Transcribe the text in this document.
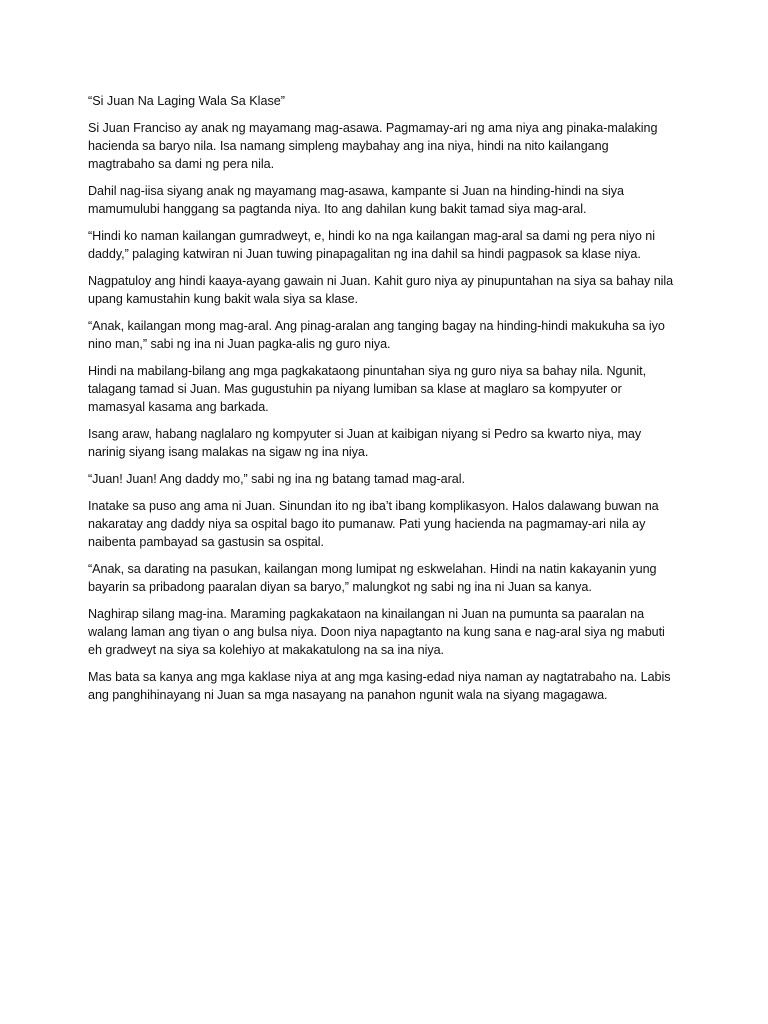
“Si Juan Na Laging Wala Sa Klase”

Si Juan Franciso ay anak ng mayamang mag-asawa. Pagmamay-ari ng ama niya ang pinaka-malaking hacienda sa baryo nila. Isa namang simpleng maybahay ang ina niya, hindi na nito kailangang magtrabaho sa dami ng pera nila.

Dahil nag-iisa siyang anak ng mayamang mag-asawa, kampante si Juan na hinding-hindi na siya mamumulubi hanggang sa pagtanda niya. Ito ang dahilan kung bakit tamad siya mag-aral.

“Hindi ko naman kailangan gumradweyt, e, hindi ko na nga kailangan mag-aral sa dami ng pera niyo ni daddy,” palaging katwiran ni Juan tuwing pinapagalitan ng ina dahil sa hindi pagpasok sa klase niya.

Nagpatuloy ang hindi kaaya-ayang gawain ni Juan. Kahit guro niya ay pinupuntahan na siya sa bahay nila upang kamustahin kung bakit wala siya sa klase.

“Anak, kailangan mong mag-aral. Ang pinag-aralan ang tanging bagay na hinding-hindi makukuha sa iyo nino man,” sabi ng ina ni Juan pagka-alis ng guro niya.

Hindi na mabilang-bilang ang mga pagkakataong pinuntahan siya ng guro niya sa bahay nila. Ngunit, talagang tamad si Juan. Mas gugustuhin pa niyang lumiban sa klase at maglaro sa kompyuter or mamasyal kasama ang barkada.

Isang araw, habang naglalaro ng kompyuter si Juan at kaibigan niyang si Pedro sa kwarto niya, may narinig siyang isang malakas na sigaw ng ina niya.

“Juan! Juan! Ang daddy mo,” sabi ng ina ng batang tamad mag-aral.

Inatake sa puso ang ama ni Juan. Sinundan ito ng iba’t ibang komplikasyon. Halos dalawang buwan na nakaratay ang daddy niya sa ospital bago ito pumanaw. Pati yung hacienda na pagmamay-ari nila ay naibenta pambayad sa gastusin sa ospital.

“Anak, sa darating na pasukan, kailangan mong lumipat ng eskwelahan. Hindi na natin kakayanin yung bayarin sa pribadong paaralan diyan sa baryo,” malungkot ng sabi ng ina ni Juan sa kanya.

Naghirap silang mag-ina. Maraming pagkakataon na kinailangan ni Juan na pumunta sa paaralan na walang laman ang tiyan o ang bulsa niya. Doon niya napagtanto na kung sana e nag-aral siya ng mabuti eh gradweyt na siya sa kolehiyo at makakatulong na sa ina niya.

Mas bata sa kanya ang mga kaklase niya at ang mga kasing-edad niya naman ay nagtatrabaho na. Labis ang panghihinayang ni Juan sa mga nasayang na panahon ngunit wala na siyang magagawa.
